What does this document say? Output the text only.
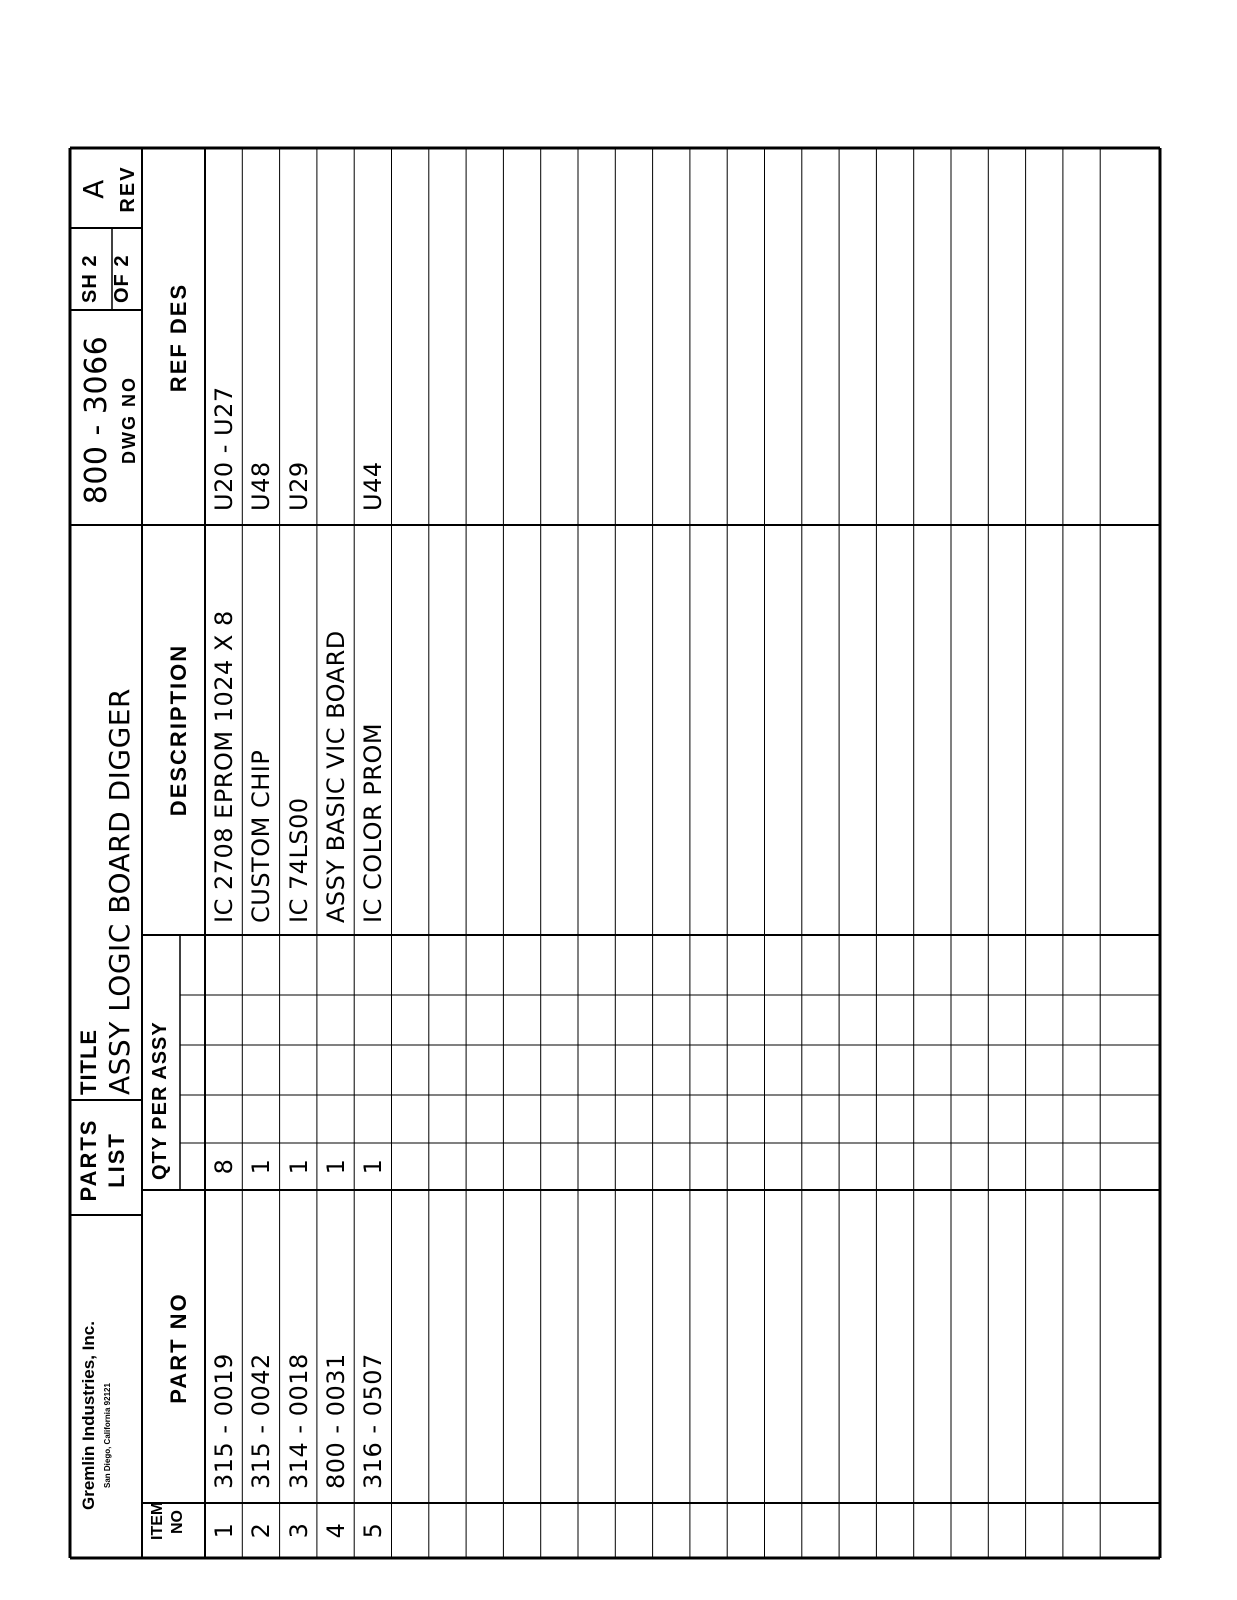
Gremlin Industries, Inc. San Diego, California 92121
PARTS LIST
TITLE ASSY LOGIC BOARD DIGGER
800 - 3066 DWG NO
SH 2 OF 2
A REV
ITEM NO
PART NO
QTY PER ASSY
DESCRIPTION
REF DES
1
315 - 0019
8
IC 2708 EPROM 1024 X 8
U20 - U27
2
315 - 0042
1
CUSTOM CHIP
U48
3
314 - 0018
1
IC 74LS00
U29
4
800 - 0031
1
ASSY BASIC VIC BOARD
5
316 - 0507
1
IC COLOR PROM
U44
